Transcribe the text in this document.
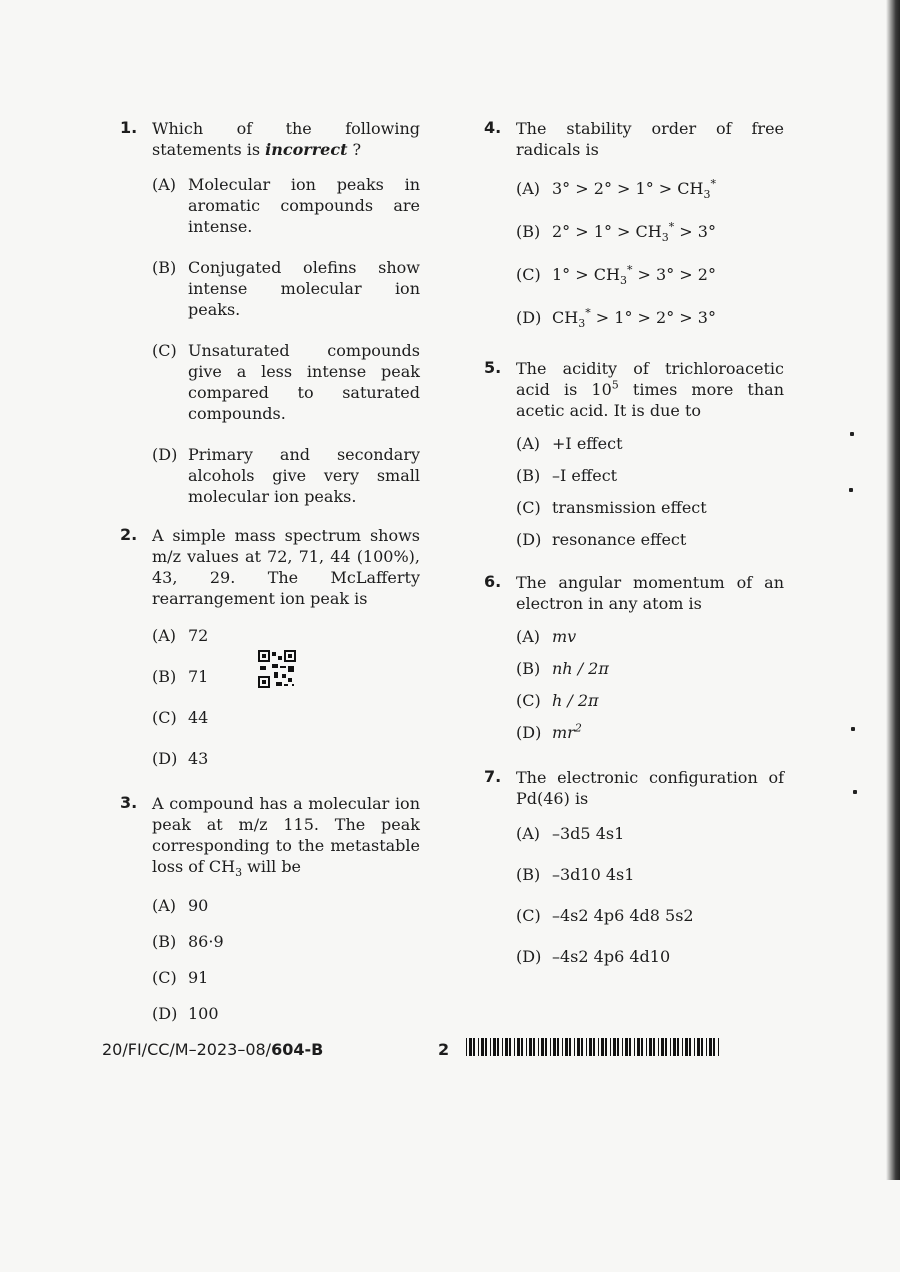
1. Which of the following statements is incorrect ?
(A) Molecular ion peaks in aromatic compounds are intense.
(B) Conjugated olefins show intense molecular ion peaks.
(C) Unsaturated compounds give a less intense peak compared to saturated compounds.
(D) Primary and secondary alcohols give very small molecular ion peaks.
2. A simple mass spectrum shows m/z values at 72, 71, 44 (100%), 43, 29. The McLafferty rearrangement ion peak is
(A) 72
(B) 71
(C) 44
(D) 43
3. A compound has a molecular ion peak at m/z 115. The peak corresponding to the metastable loss of $CH_3$ will be
(A) 90
(B) 86·9
(C) 91
(D) 100
4. The stability order of free radicals is
(A) $3^\circ > 2^\circ > 1^\circ > CH_3^*$
(B) $2^\circ > 1^\circ > CH_3^* > 3^\circ$
(C) $1^\circ > CH_3^* > 3^\circ > 2^\circ$
(D) $CH_3^* > 1^\circ > 2^\circ > 3^\circ$
5. The acidity of trichloroacetic acid is $10^5$ times more than acetic acid. It is due to
(A) +I effect
(B) –I effect
(C) transmission effect
(D) resonance effect
6. The angular momentum of an electron in any atom is
(A) mv
(B) nh / 2π
(C) h / 2π
(D) $mr^2$
7. The electronic configuration of Pd(46) is
(A) –3d5 4s1
(B) –3d10 4s1
(C) –4s2 4p6 4d8 5s2
(D) –4s2 4p6 4d10
20/FI/CC/M–2023–08/604-B	2
